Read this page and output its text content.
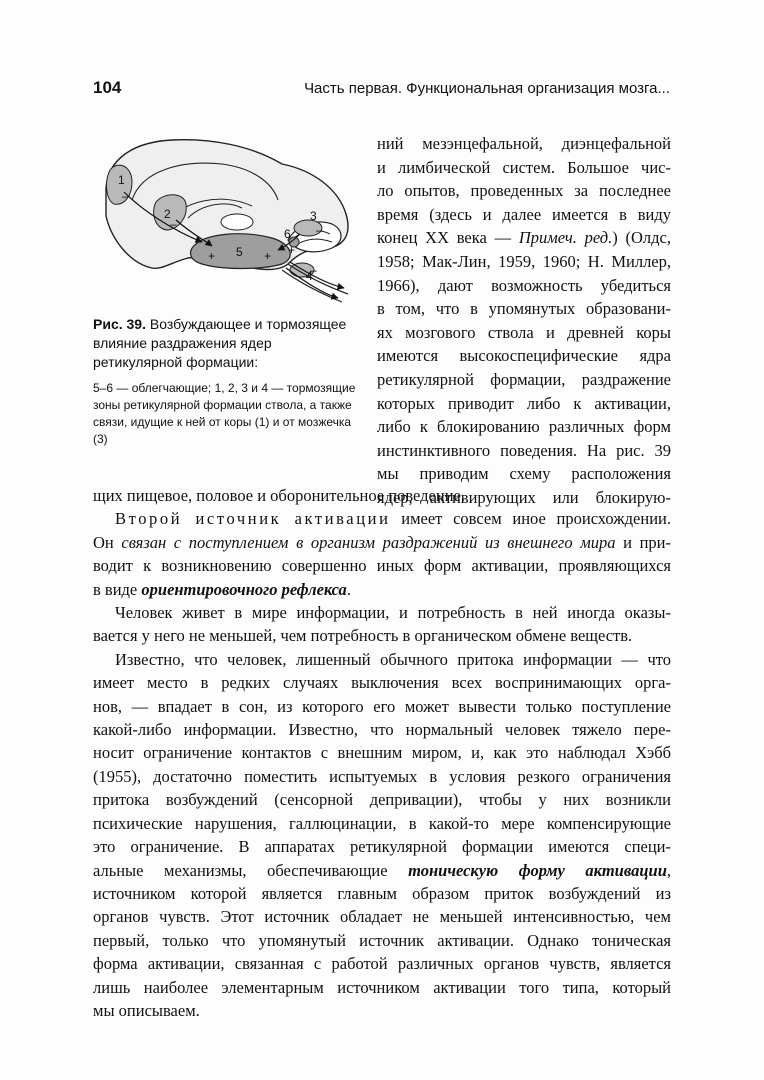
104	Часть первая. Функциональная организация мозга...
1
2	3
4
5
6
+	+
–
–	–
–
+
Рис. 39. Возбуждающее и тормозящее влияние раздражения ядер ретикулярной формации:
5–6 — облегчающие; 1, 2, 3 и 4 — тормозящие зоны ретикулярной формации ствола, а также связи, идущие к ней от коры (1) и от мозжечка (3)
ний мезэнцефальной, диэнцефальной
и лимбической систем. Большое чис-
ло опытов, проведенных за последнее
время (здесь и далее имеется в виду
конец XX века — Примеч. ред.) (Олдс,
1958; Мак-Лин, 1959, 1960; Н. Миллер,
1966), дают возможность убедиться
в том, что в упомянутых образовани-
ях мозгового ствола и древней коры
имеются высокоспецифические ядра
ретикулярной формации, раздражение
которых приводит либо к активации,
либо к блокированию различных форм
инстинктивного поведения. На рис. 39
мы приводим схему расположения
ядер, активирующих или блокирую-
щих пищевое, половое и оборонительное поведение.
Второй источник активации имеет совсем иное происхождении.
Он связан с поступлением в организм раздражений из внешнего мира и при-
водит к возникновению совершенно иных форм активации, проявляющихся
в виде ориентировочного рефлекса.
Человек живет в мире информации, и потребность в ней иногда оказы-
вается у него не меньшей, чем потребность в органическом обмене веществ.
Известно, что человек, лишенный обычного притока информации — что
имеет место в редких случаях выключения всех воспринимающих орга-
нов, — впадает в сон, из которого его может вывести только поступление
какой-либо информации. Известно, что нормальный человек тяжело пере-
носит ограничение контактов с внешним миром, и, как это наблюдал Хэбб
(1955), достаточно поместить испытуемых в условия резкого ограничения
притока возбуждений (сенсорной депривации), чтобы у них возникли
психические нарушения, галлюцинации, в какой-то мере компенсирующие
это ограничение. В аппаратах ретикулярной формации имеются специ-
альные механизмы, обеспечивающие тоническую форму активации,
источником которой является главным образом приток возбуждений из
органов чувств. Этот источник обладает не меньшей интенсивностью, чем
первый, только что упомянутый источник активации. Однако тоническая
форма активации, связанная с работой различных органов чувств, является
лишь наиболее элементарным источником активации того типа, который
мы описываем.
